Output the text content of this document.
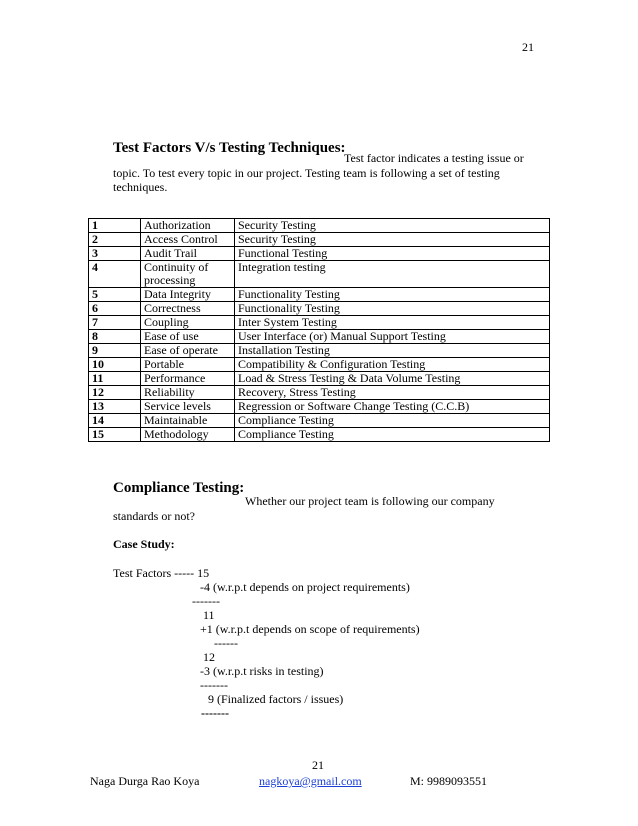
21
Test Factors V/s Testing Techniques:
Test factor indicates a testing issue or
topic. To test every topic in our project. Testing team is following a set of testing techniques.
1	Authorization	Security Testing
2	Access Control	Security Testing
3	Audit Trail	Functional Testing
4	Continuity of processing	Integration testing
5	Data Integrity	Functionality Testing
6	Correctness	Functionality Testing
7	Coupling	Inter System Testing
8	Ease of use	User Interface (or) Manual Support Testing
9	Ease of operate	Installation Testing
10	Portable	Compatibility & Configuration Testing
11	Performance	Load & Stress Testing & Data Volume Testing
12	Reliability	Recovery, Stress Testing
13	Service levels	Regression or Software Change Testing (C.C.B)
14	Maintainable	Compliance Testing
15	Methodology	Compliance Testing
Compliance Testing:
Whether our project team is following our company
standards or not?
Case Study:
Test Factors ----- 15
-4 (w.r.p.t depends on project requirements)
-------
11
+1 (w.r.p.t depends on scope of requirements)
------
12
-3 (w.r.p.t risks in testing)
-------
9 (Finalized factors / issues)
-------
21
Naga Durga Rao Koya	nagkoya@gmail.com	M: 9989093551
